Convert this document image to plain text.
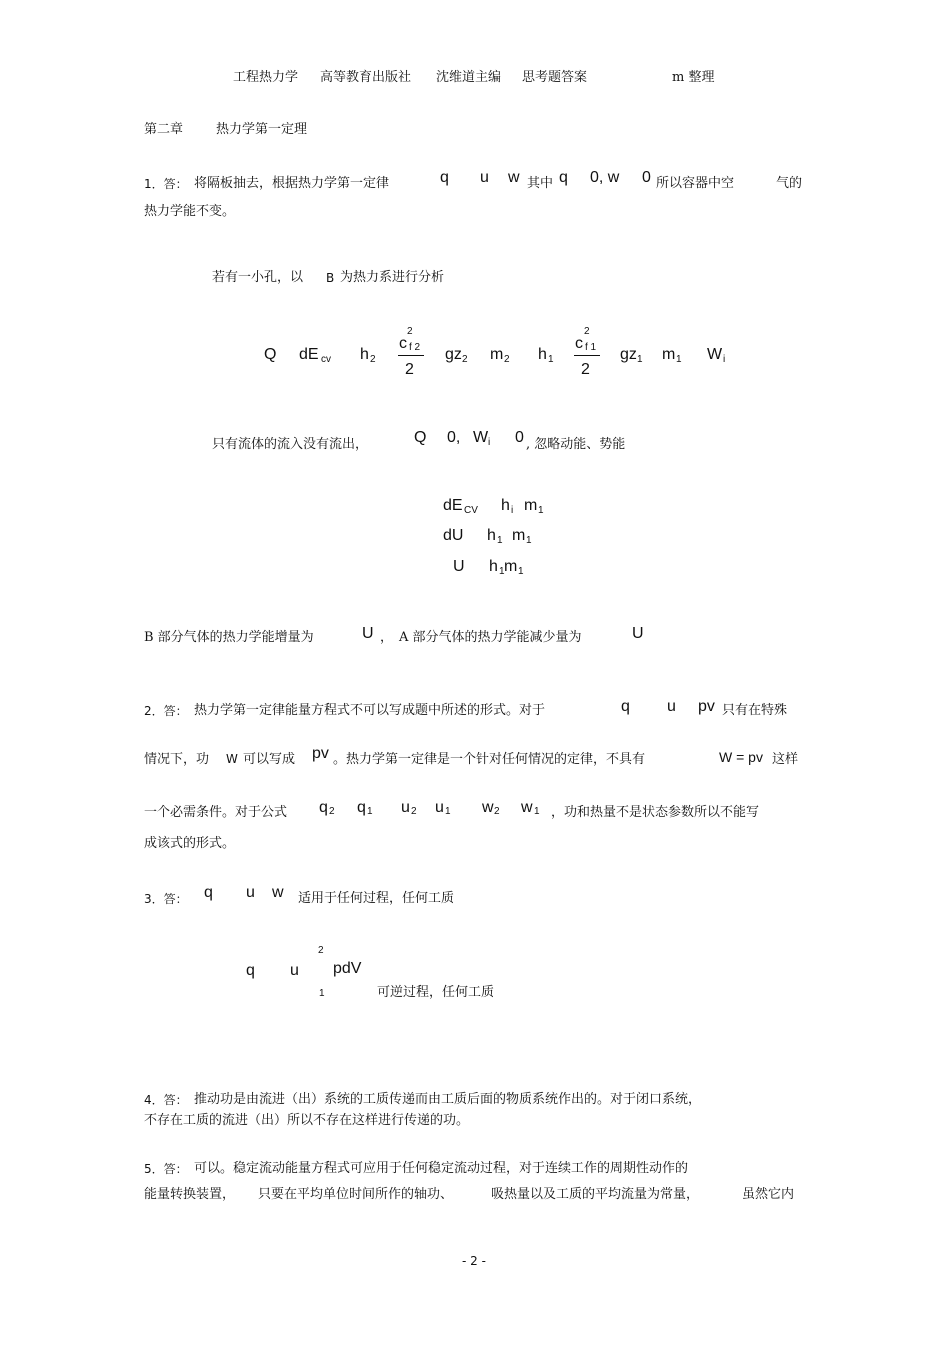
工程热力学 高等教育出版社 沈维道主编 思考题答案	m 整理
第二章	热力学第一定理
1．答： 将隔板抽去，根据热力学第一定律	q u w 其中 q 0, w 0 所以容器中空	气的
热力学能不变。
若有一小孔，以 B 为热力系进行分析
Q dE cv h 2
2
c f 2
2
gz 2 m 2 h 1
2
c f 1
2
gz 1 m 1 W i
只有流体的流入没有流出，	Q 0, W i 0 , 忽略动能、势能
dE CV h i m 1
dU h 1 m 1
U h 1 m 1
B 部分气体的热力学能增量为	U ， A 部分气体的热力学能减少量为	U
2．答： 热力学第一定律能量方程式不可以写成题中所述的形式。对于	q u pv 只有在特殊
情况下，功 W 可以写成 pv 。热力学第一定律是一个针对任何情况的定律，不具有	W = pv 这样
一个必需条件。对于公式 q 2 q 1 u 2 u 1 w 2 w 1 ，功和热量不是状态参数所以不能写
成该式的形式。
3．答： q u w 适用于任何过程，任何工质
q u
2
pdV
1	可逆过程，任何工质
4．答： 推动功是由流进（出）系统的工质传递而由工质后面的物质系统作出的。对于闭口系统，
不存在工质的流进（出）所以不存在这样进行传递的功。
5．答： 可以。稳定流动能量方程式可应用于任何稳定流动过程，对于连续工作的周期性动作的
能量转换装置， 只要在平均单位时间所作的轴功、	吸热量以及工质的平均流量为常量，	虽然它内
- 2 -
